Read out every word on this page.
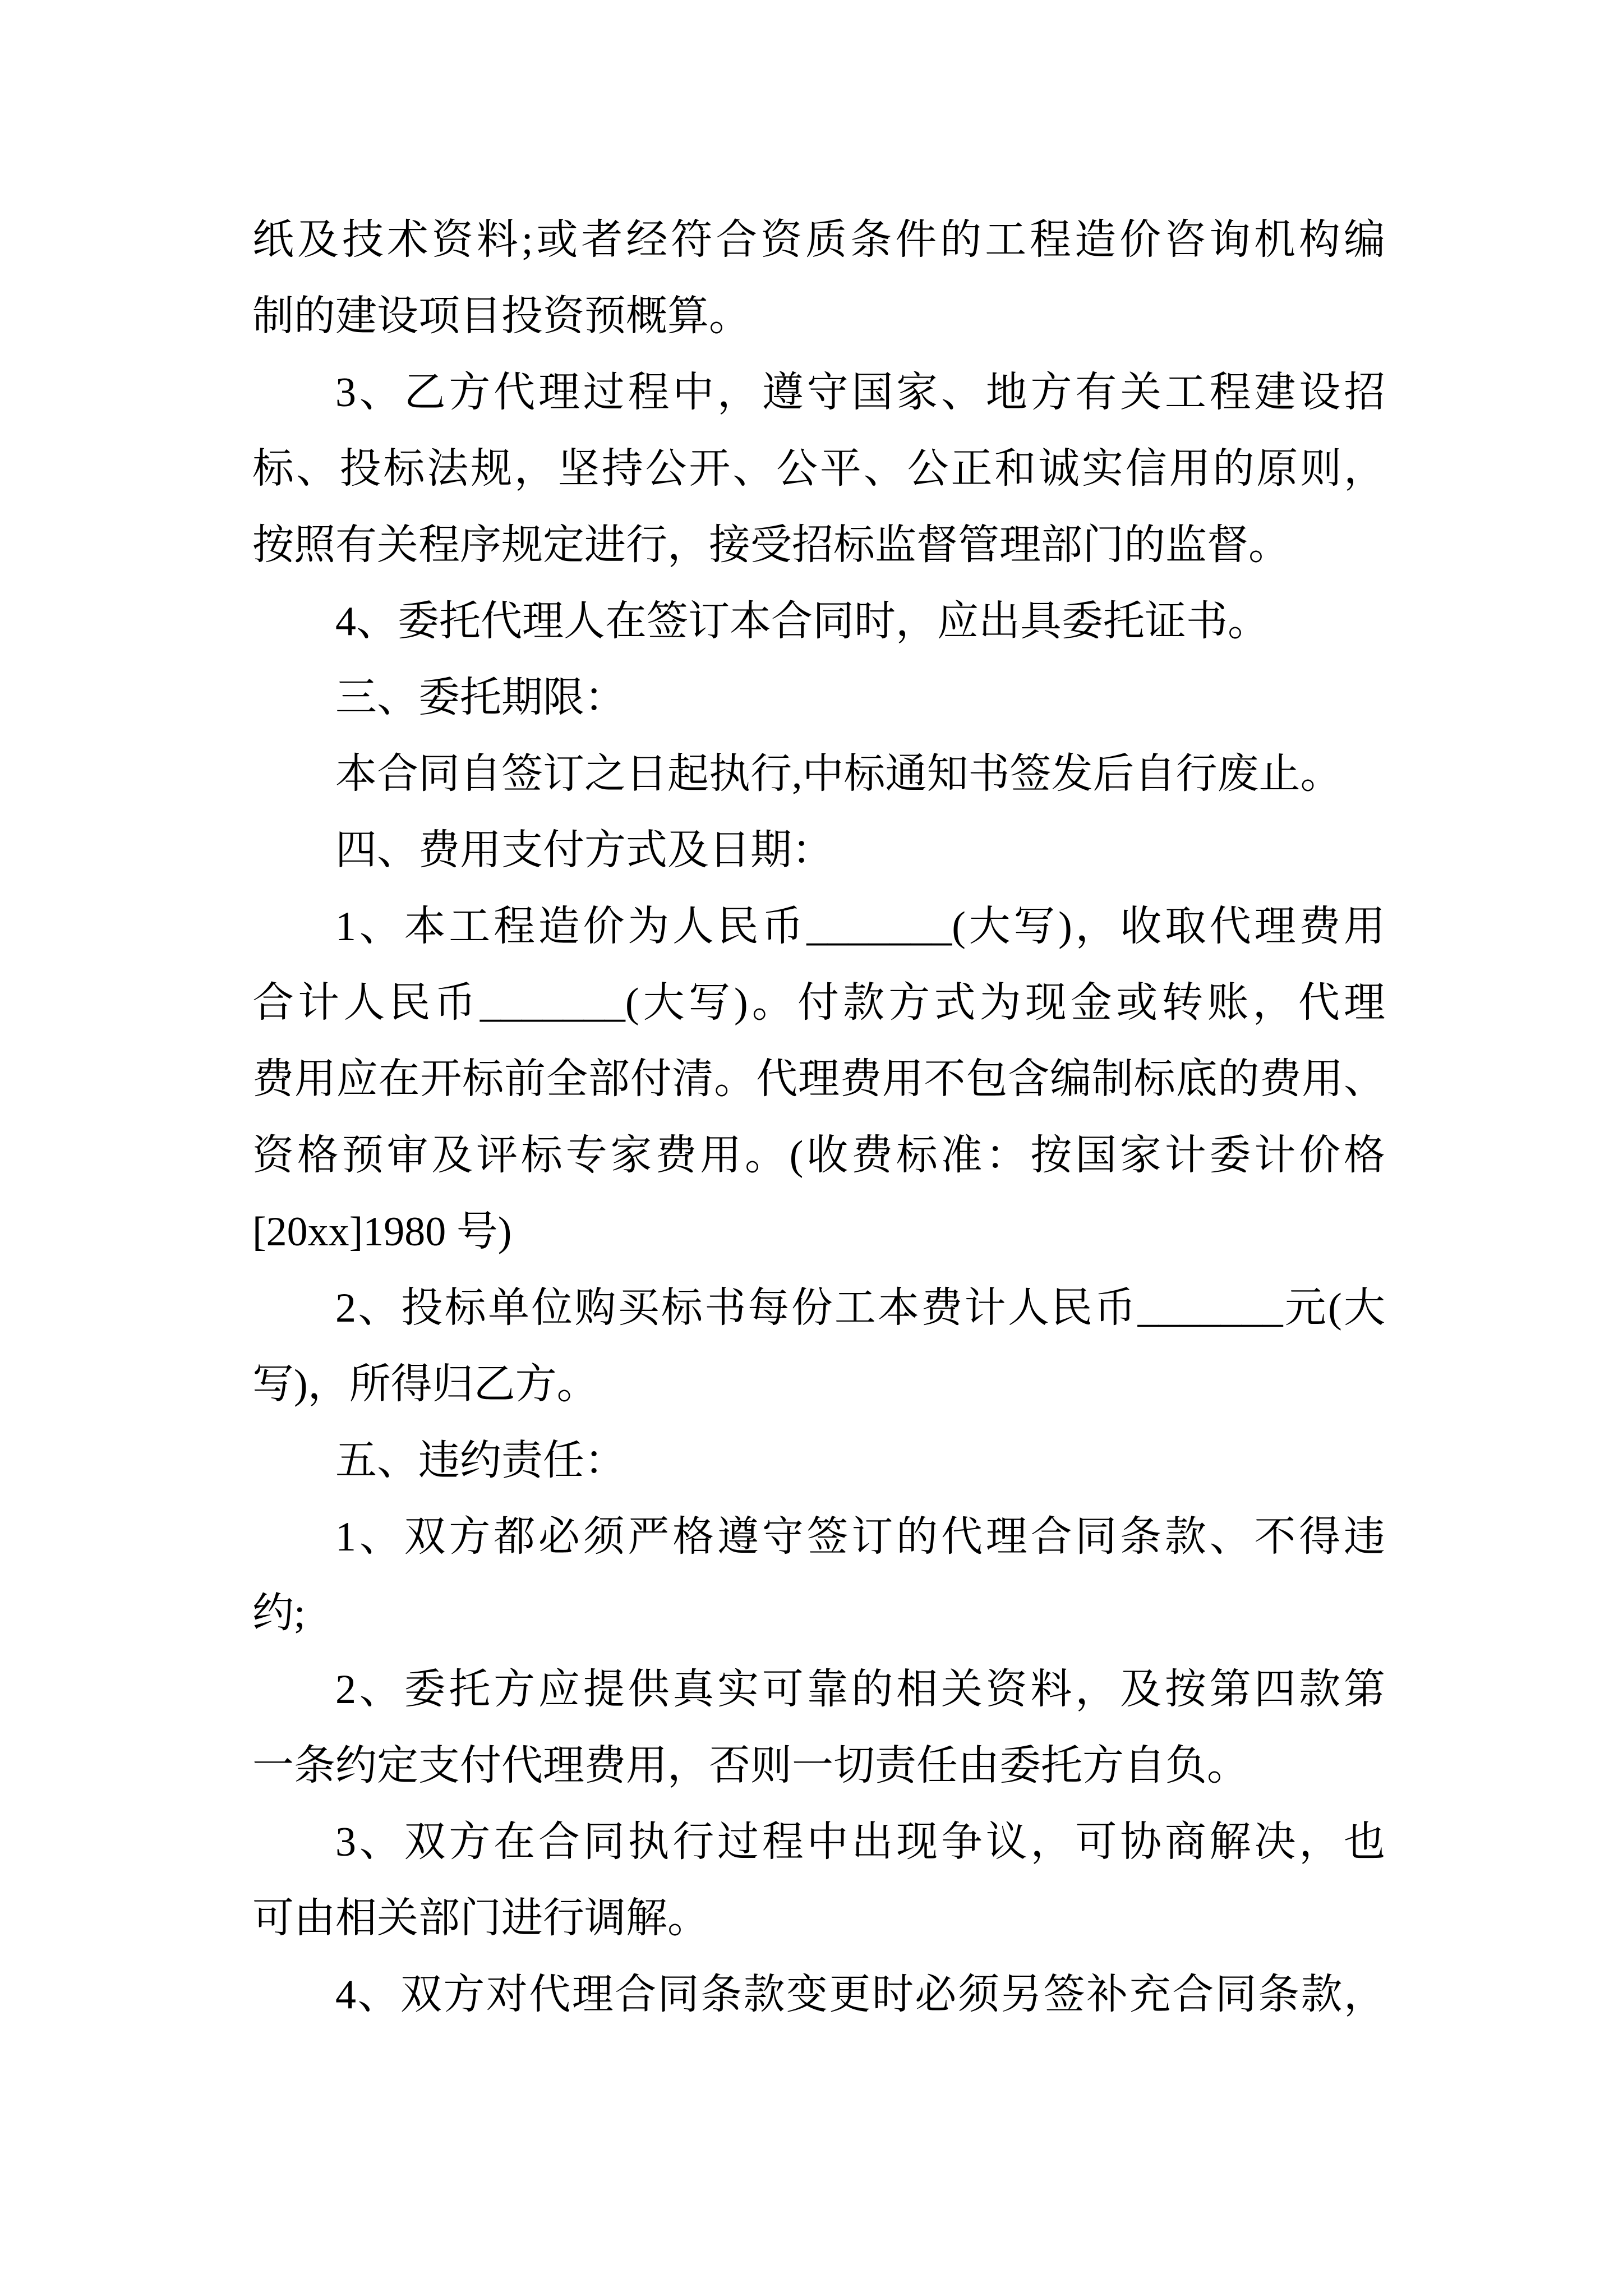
纸及技术资料;或者经符合资质条件的工程造价咨询机构编
制的建设项目投资预概算。
3、乙方代理过程中，遵守国家、地方有关工程建设招
标、投标法规，坚持公开、公平、公正和诚实信用的原则，
按照有关程序规定进行，接受招标监督管理部门的监督。
4、委托代理人在签订本合同时，应出具委托证书。
三、委托期限：
本合同自签订之日起执行,中标通知书签发后自行废止。
四、费用支付方式及日期：
1、本工程造价为人民币_______(大写)，收取代理费用
合计人民币_______(大写)。付款方式为现金或转账，代理
费用应在开标前全部付清。代理费用不包含编制标底的费用、
资格预审及评标专家费用。(收费标准：按国家计委计价格
[20xx]1980 号)
2、投标单位购买标书每份工本费计人民币_______元(大
写)，所得归乙方。
五、违约责任：
1、双方都必须严格遵守签订的代理合同条款、不得违
约;
2、委托方应提供真实可靠的相关资料，及按第四款第
一条约定支付代理费用，否则一切责任由委托方自负。
3、双方在合同执行过程中出现争议，可协商解决，也
可由相关部门进行调解。
4、双方对代理合同条款变更时必须另签补充合同条款，
